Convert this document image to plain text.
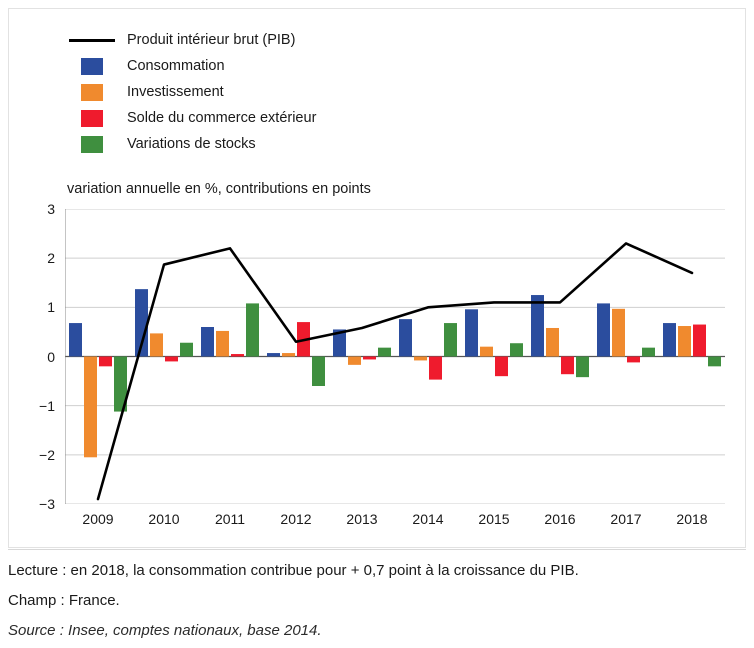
Produit intérieur brut (PIB)
Consommation
Investissement
Solde du commerce extérieur
Variations de stocks
variation annuelle en %, contributions en points
−3
−2
−1
0
1
2
3
2009 2010	2011	2012 2013 2014 2015 2016 2017 2018
Lecture : en 2018, la consommation contribue pour + 0,7 point à la croissance du PIB.
Champ : France.
Source : Insee, comptes nationaux, base 2014.
